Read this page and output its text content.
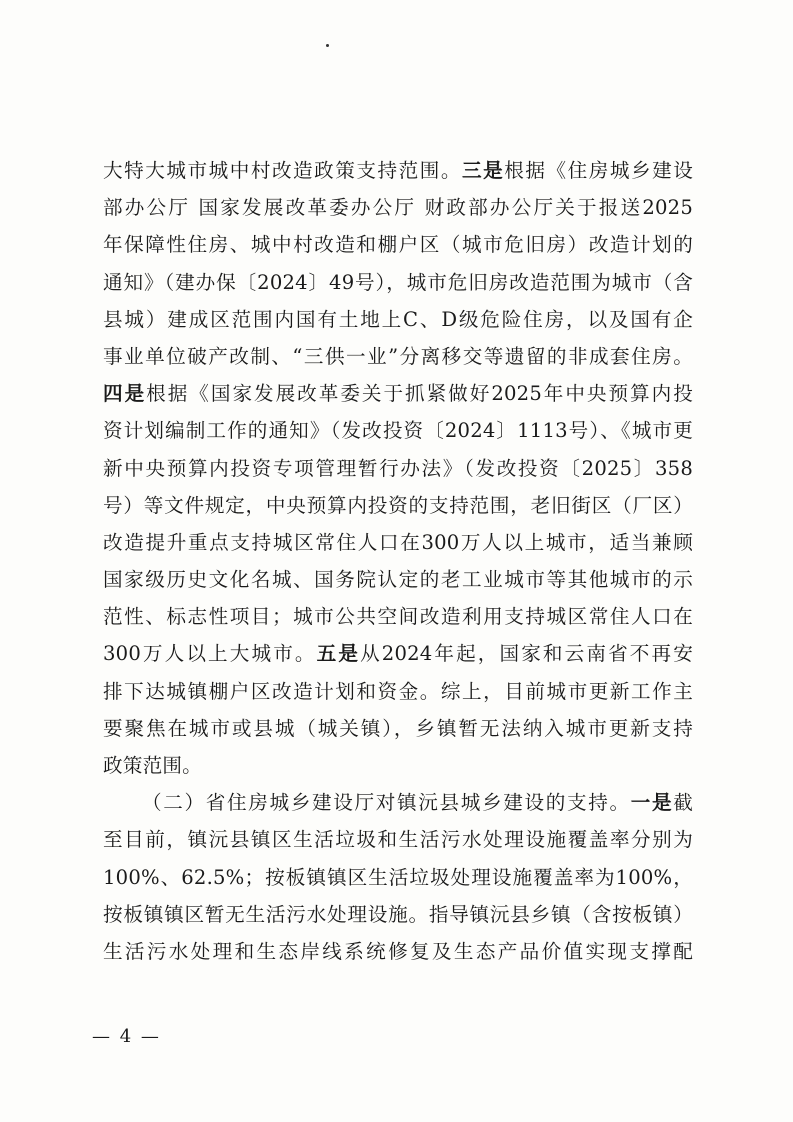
大特大城市城中村改造政策支持范围。三是根据《住房城乡建设
部办公厅 国家发展改革委办公厅 财政部办公厅关于报送2025
年保障性住房、城中村改造和棚户区（城市危旧房）改造计划的
通知》（建办保〔2024〕49号），城市危旧房改造范围为城市（含
县城）建成区范围内国有土地上C、D级危险住房，以及国有企
事业单位破产改制、“三供一业”分离移交等遗留的非成套住房。
四是根据《国家发展改革委关于抓紧做好2025年中央预算内投
资计划编制工作的通知》（发改投资〔2024〕1113号）、《城市更
新中央预算内投资专项管理暂行办法》（发改投资〔2025〕358
号）等文件规定，中央预算内投资的支持范围，老旧街区（厂区）
改造提升重点支持城区常住人口在300万人以上城市，适当兼顾
国家级历史文化名城、国务院认定的老工业城市等其他城市的示
范性、标志性项目；城市公共空间改造利用支持城区常住人口在
300万人以上大城市。五是从2024年起，国家和云南省不再安
排下达城镇棚户区改造计划和资金。综上，目前城市更新工作主
要聚焦在城市或县城（城关镇），乡镇暂无法纳入城市更新支持
政策范围。
（二）省住房城乡建设厅对镇沅县城乡建设的支持。一是截
至目前，镇沅县镇区生活垃圾和生活污水处理设施覆盖率分别为
100%、62.5%；按板镇镇区生活垃圾处理设施覆盖率为100%，
按板镇镇区暂无生活污水处理设施。指导镇沅县乡镇（含按板镇）
生活污水处理和生态岸线系统修复及生态产品价值实现支撑配
— 4 —
